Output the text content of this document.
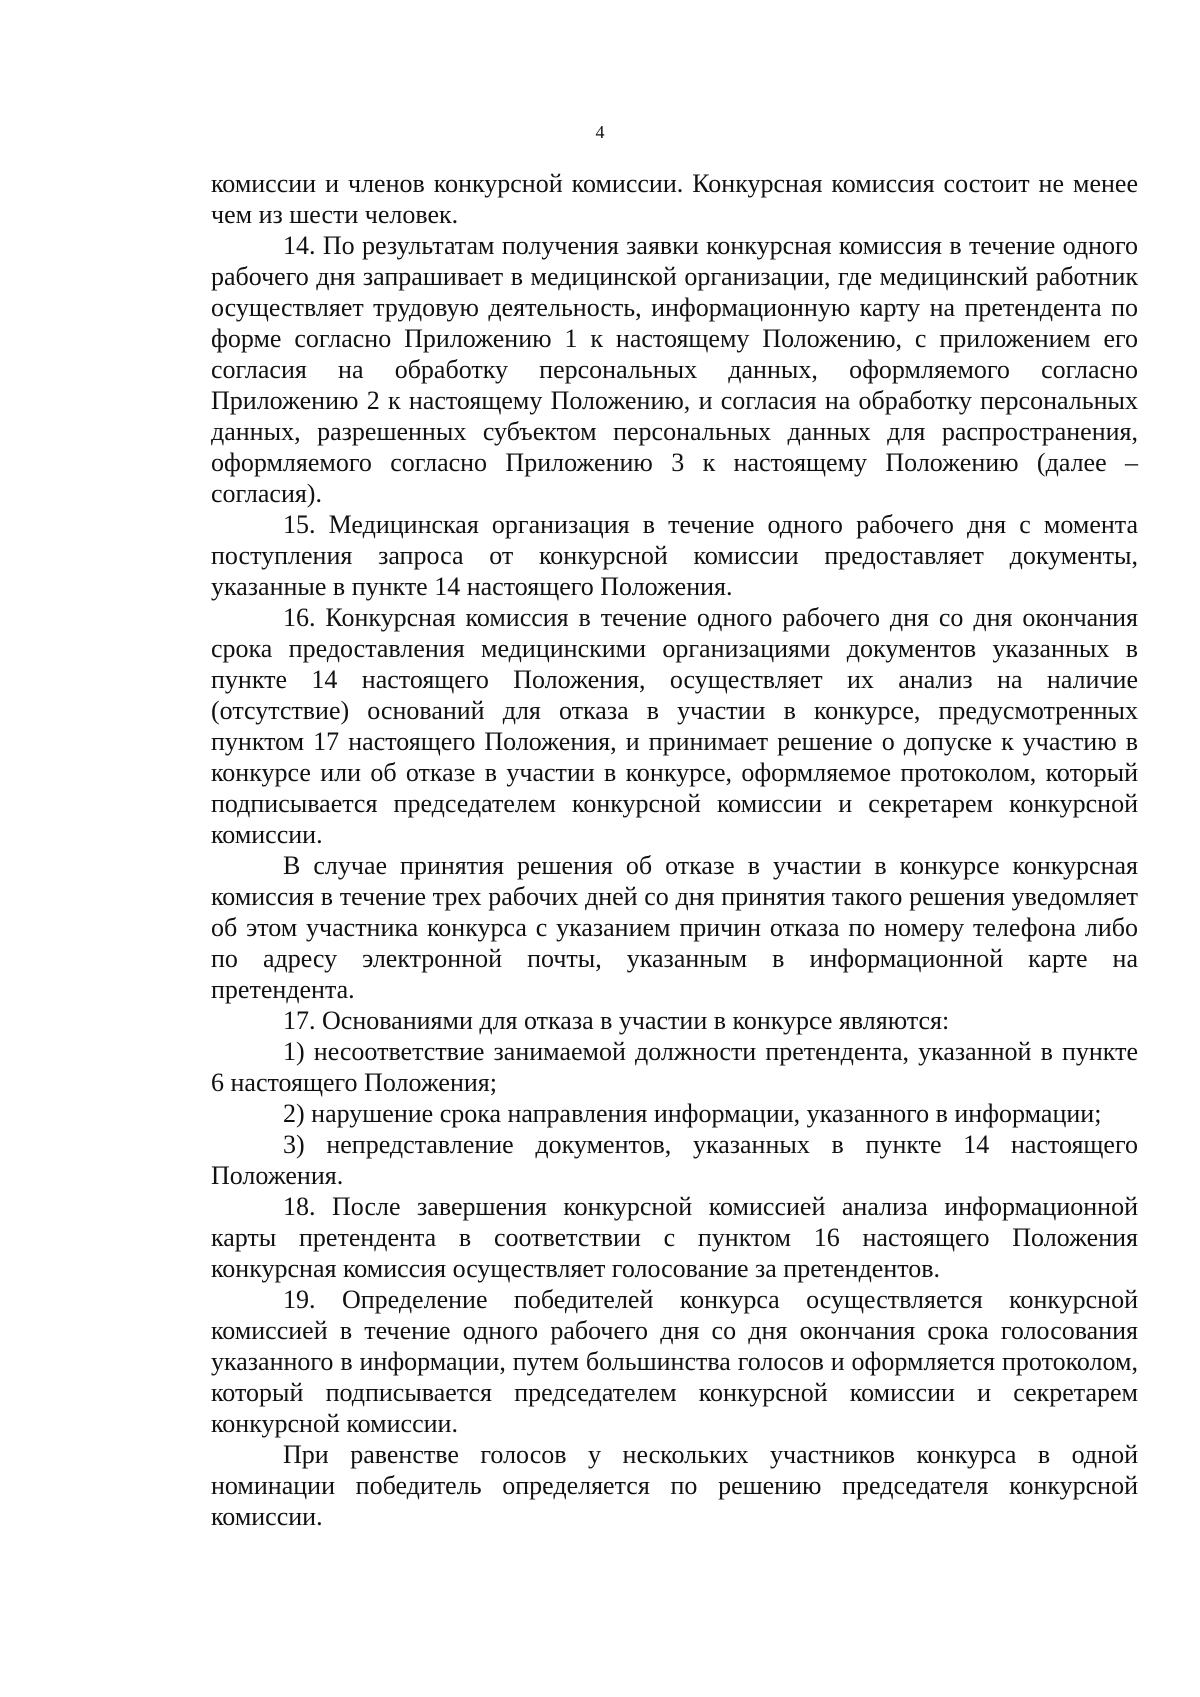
4

комиссии и членов конкурсной комиссии. Конкурсная комиссия состоит не менее чем из шести человек.

14. По результатам получения заявки конкурсная комиссия в течение одного рабочего дня запрашивает в медицинской организации, где медицинский работник осуществляет трудовую деятельность, информационную карту на претендента по форме согласно Приложению 1 к настоящему Положению, с приложением его согласия на обработку персональных данных, оформляемого согласно Приложению 2 к настоящему Положению, и согласия на обработку персональных данных, разрешенных субъектом персональных данных для распространения, оформляемого согласно Приложению 3 к настоящему Положению (далее – согласия).

15. Медицинская организация в течение одного рабочего дня с момента поступления запроса от конкурсной комиссии предоставляет документы, указанные в пункте 14 настоящего Положения.

16. Конкурсная комиссия в течение одного рабочего дня со дня окончания срока предоставления медицинскими организациями документов указанных в пункте 14 настоящего Положения, осуществляет их анализ на наличие (отсутствие) оснований для отказа в участии в конкурсе, предусмотренных пунктом 17 настоящего Положения, и принимает решение о допуске к участию в конкурсе или об отказе в участии в конкурсе, оформляемое протоколом, который подписывается председателем конкурсной комиссии и секретарем конкурсной комиссии.

В случае принятия решения об отказе в участии в конкурсе конкурсная комиссия в течение трех рабочих дней со дня принятия такого решения уведомляет об этом участника конкурса с указанием причин отказа по номеру телефона либо по адресу электронной почты, указанным в информационной карте на претендента.

17. Основаниями для отказа в участии в конкурсе являются:

1) несоответствие занимаемой должности претендента, указанной в пункте 6 настоящего Положения;

2) нарушение срока направления информации, указанного в информации;

3) непредставление документов, указанных в пункте 14 настоящего Положения.

18. После завершения конкурсной комиссией анализа информационной карты претендента в соответствии с пунктом 16 настоящего Положения конкурсная комиссия осуществляет голосование за претендентов.

19. Определение победителей конкурса осуществляется конкурсной комиссией в течение одного рабочего дня со дня окончания срока голосования указанного в информации, путем большинства голосов и оформляется протоколом, который подписывается председателем конкурсной комиссии и секретарем конкурсной комиссии.

При равенстве голосов у нескольких участников конкурса в одной номинации победитель определяется по решению председателя конкурсной комиссии.
